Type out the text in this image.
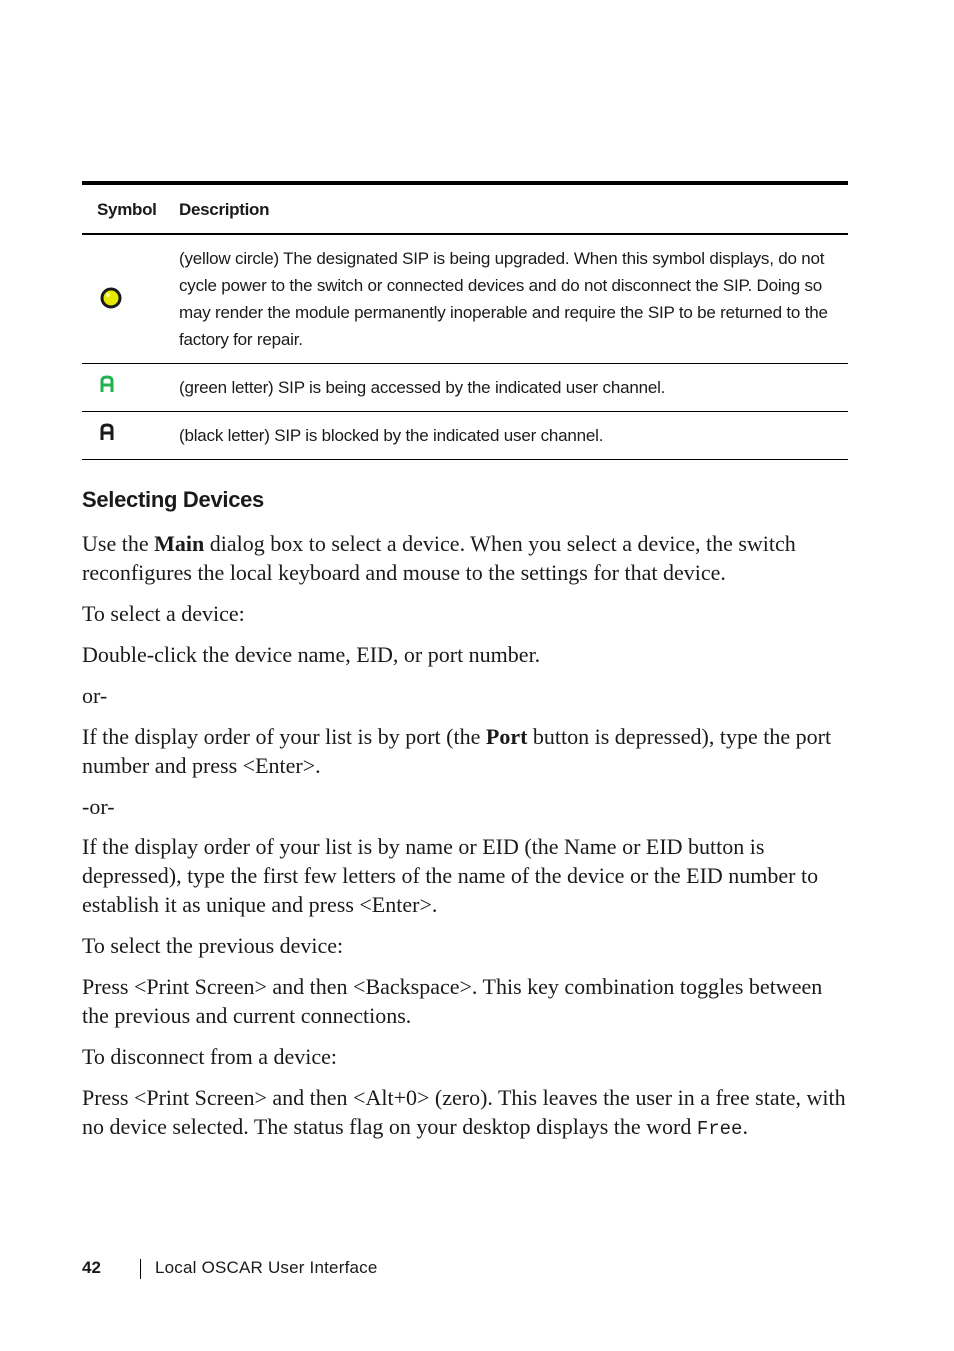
Symbol Description
(yellow circle) The designated SIP is being upgraded. When this symbol displays, do not cycle power to the switch or connected devices and do not disconnect the SIP. Doing so may render the module permanently inoperable and require the SIP to be returned to the factory for repair.
(green letter) SIP is being accessed by the indicated user channel.
(black letter) SIP is blocked by the indicated user channel.
Selecting Devices

Use the Main dialog box to select a device. When you select a device, the switch reconfigures the local keyboard and mouse to the settings for that device.

To select a device:

Double-click the device name, EID, or port number.

or-

If the display order of your list is by port (the Port button is depressed), type the port number and press <Enter>.

-or-

If the display order of your list is by name or EID (the Name or EID button is depressed), type the first few letters of the name of the device or the EID number to establish it as unique and press <Enter>.

To select the previous device:

Press <Print Screen> and then <Backspace>. This key combination toggles between the previous and current connections.

To disconnect from a device:

Press <Print Screen> and then <Alt+0> (zero). This leaves the user in a free state, with no device selected. The status flag on your desktop displays the word Free.

42	Local OSCAR User Interface
